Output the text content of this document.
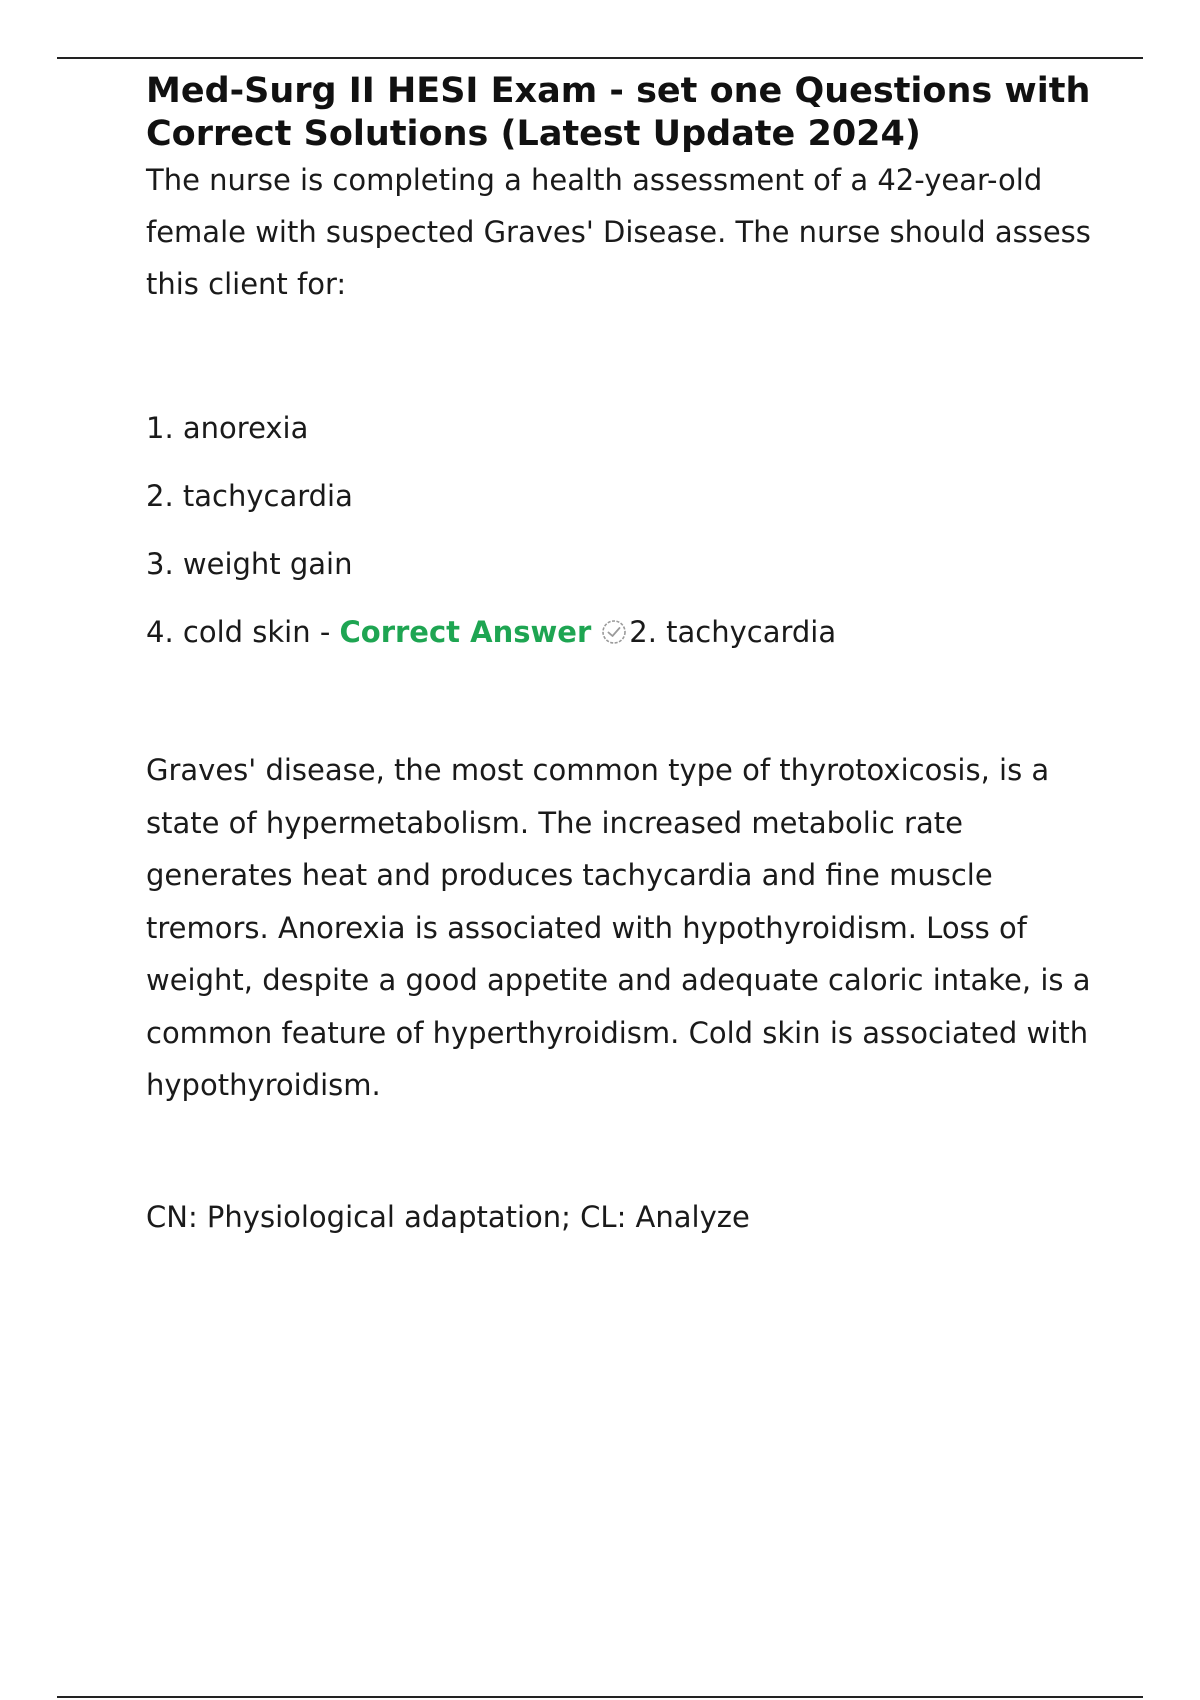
Med-Surg II HESI Exam - set one Questions with Correct Solutions (Latest Update 2024)

The nurse is completing a health assessment of a 42-year-old female with suspected Graves' Disease. The nurse should assess this client for:

1. anorexia
2. tachycardia
3. weight gain
4. cold skin - Correct Answer 2. tachycardia

Graves' disease, the most common type of thyrotoxicosis, is a state of hypermetabolism. The increased metabolic rate generates heat and produces tachycardia and fine muscle tremors. Anorexia is associated with hypothyroidism. Loss of weight, despite a good appetite and adequate caloric intake, is a common feature of hyperthyroidism. Cold skin is associated with hypothyroidism.

CN: Physiological adaptation; CL: Analyze
